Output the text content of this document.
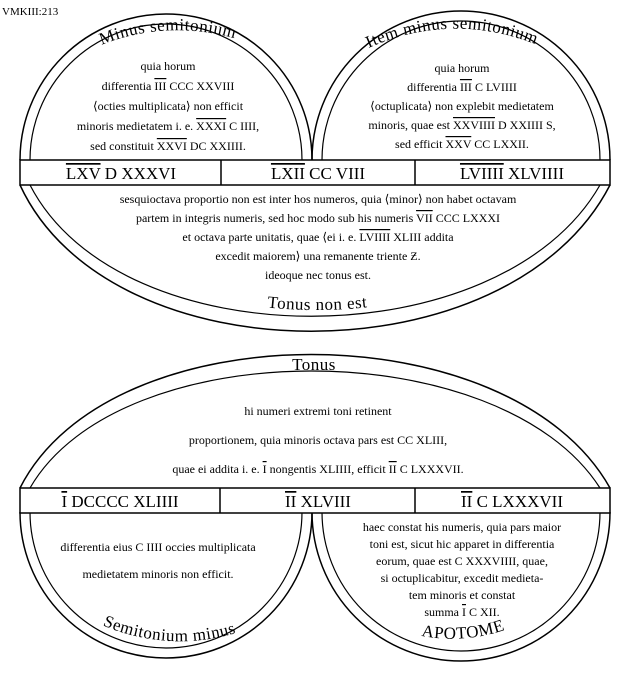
VMKIII:213
Minus semitonium	Item minus semitonium
Tonus non est
quia horum differentia III CCC XXVIII ⟨octies multiplicata⟩ non efficit minoris medietatem i. e. XXXI C IIII, sed constituit XXVI DC XXIIII.
quia horum differentia III C LVIIII ⟨octuplicata⟩ non explebit medietatem minoris, quae est XXVIIII D XXIIII S, sed efficit XXV CC LXXII.
LXV D XXXVI	LXII CC VIII	LVIIII XLVIIII
sesquioctava proportio non est inter hos numeros, quia ⟨minor⟩ non habet octavam partem in integris numeris, sed hoc modo sub his numeris VII CCC LXXXI et octava parte unitatis, quae ⟨ei i. e. LVIIII XLIII addita excedit maiorem⟩ una remanente triente Ƶ. ideoque nec tonus est.
Tonus
Semitonium minus	APOTOME
hi numeri extremi toni retinent proportionem, quia minoris octava pars est CC XLIII, quae ei addita i. e. I nongentis XLIIII, efficit II C LXXXVII.
I DCCCC XLIIII	II XLVIII	II C LXXXVII
differentia eius C IIII occies multiplicata medietatem minoris non efficit.
haec constat his numeris, quia pars maior toni est, sicut hic apparet in differentia eorum, quae est C XXXVIIII, quae, si octuplicabitur, excedit medieta-tem minoris et constat summa I C XII.
